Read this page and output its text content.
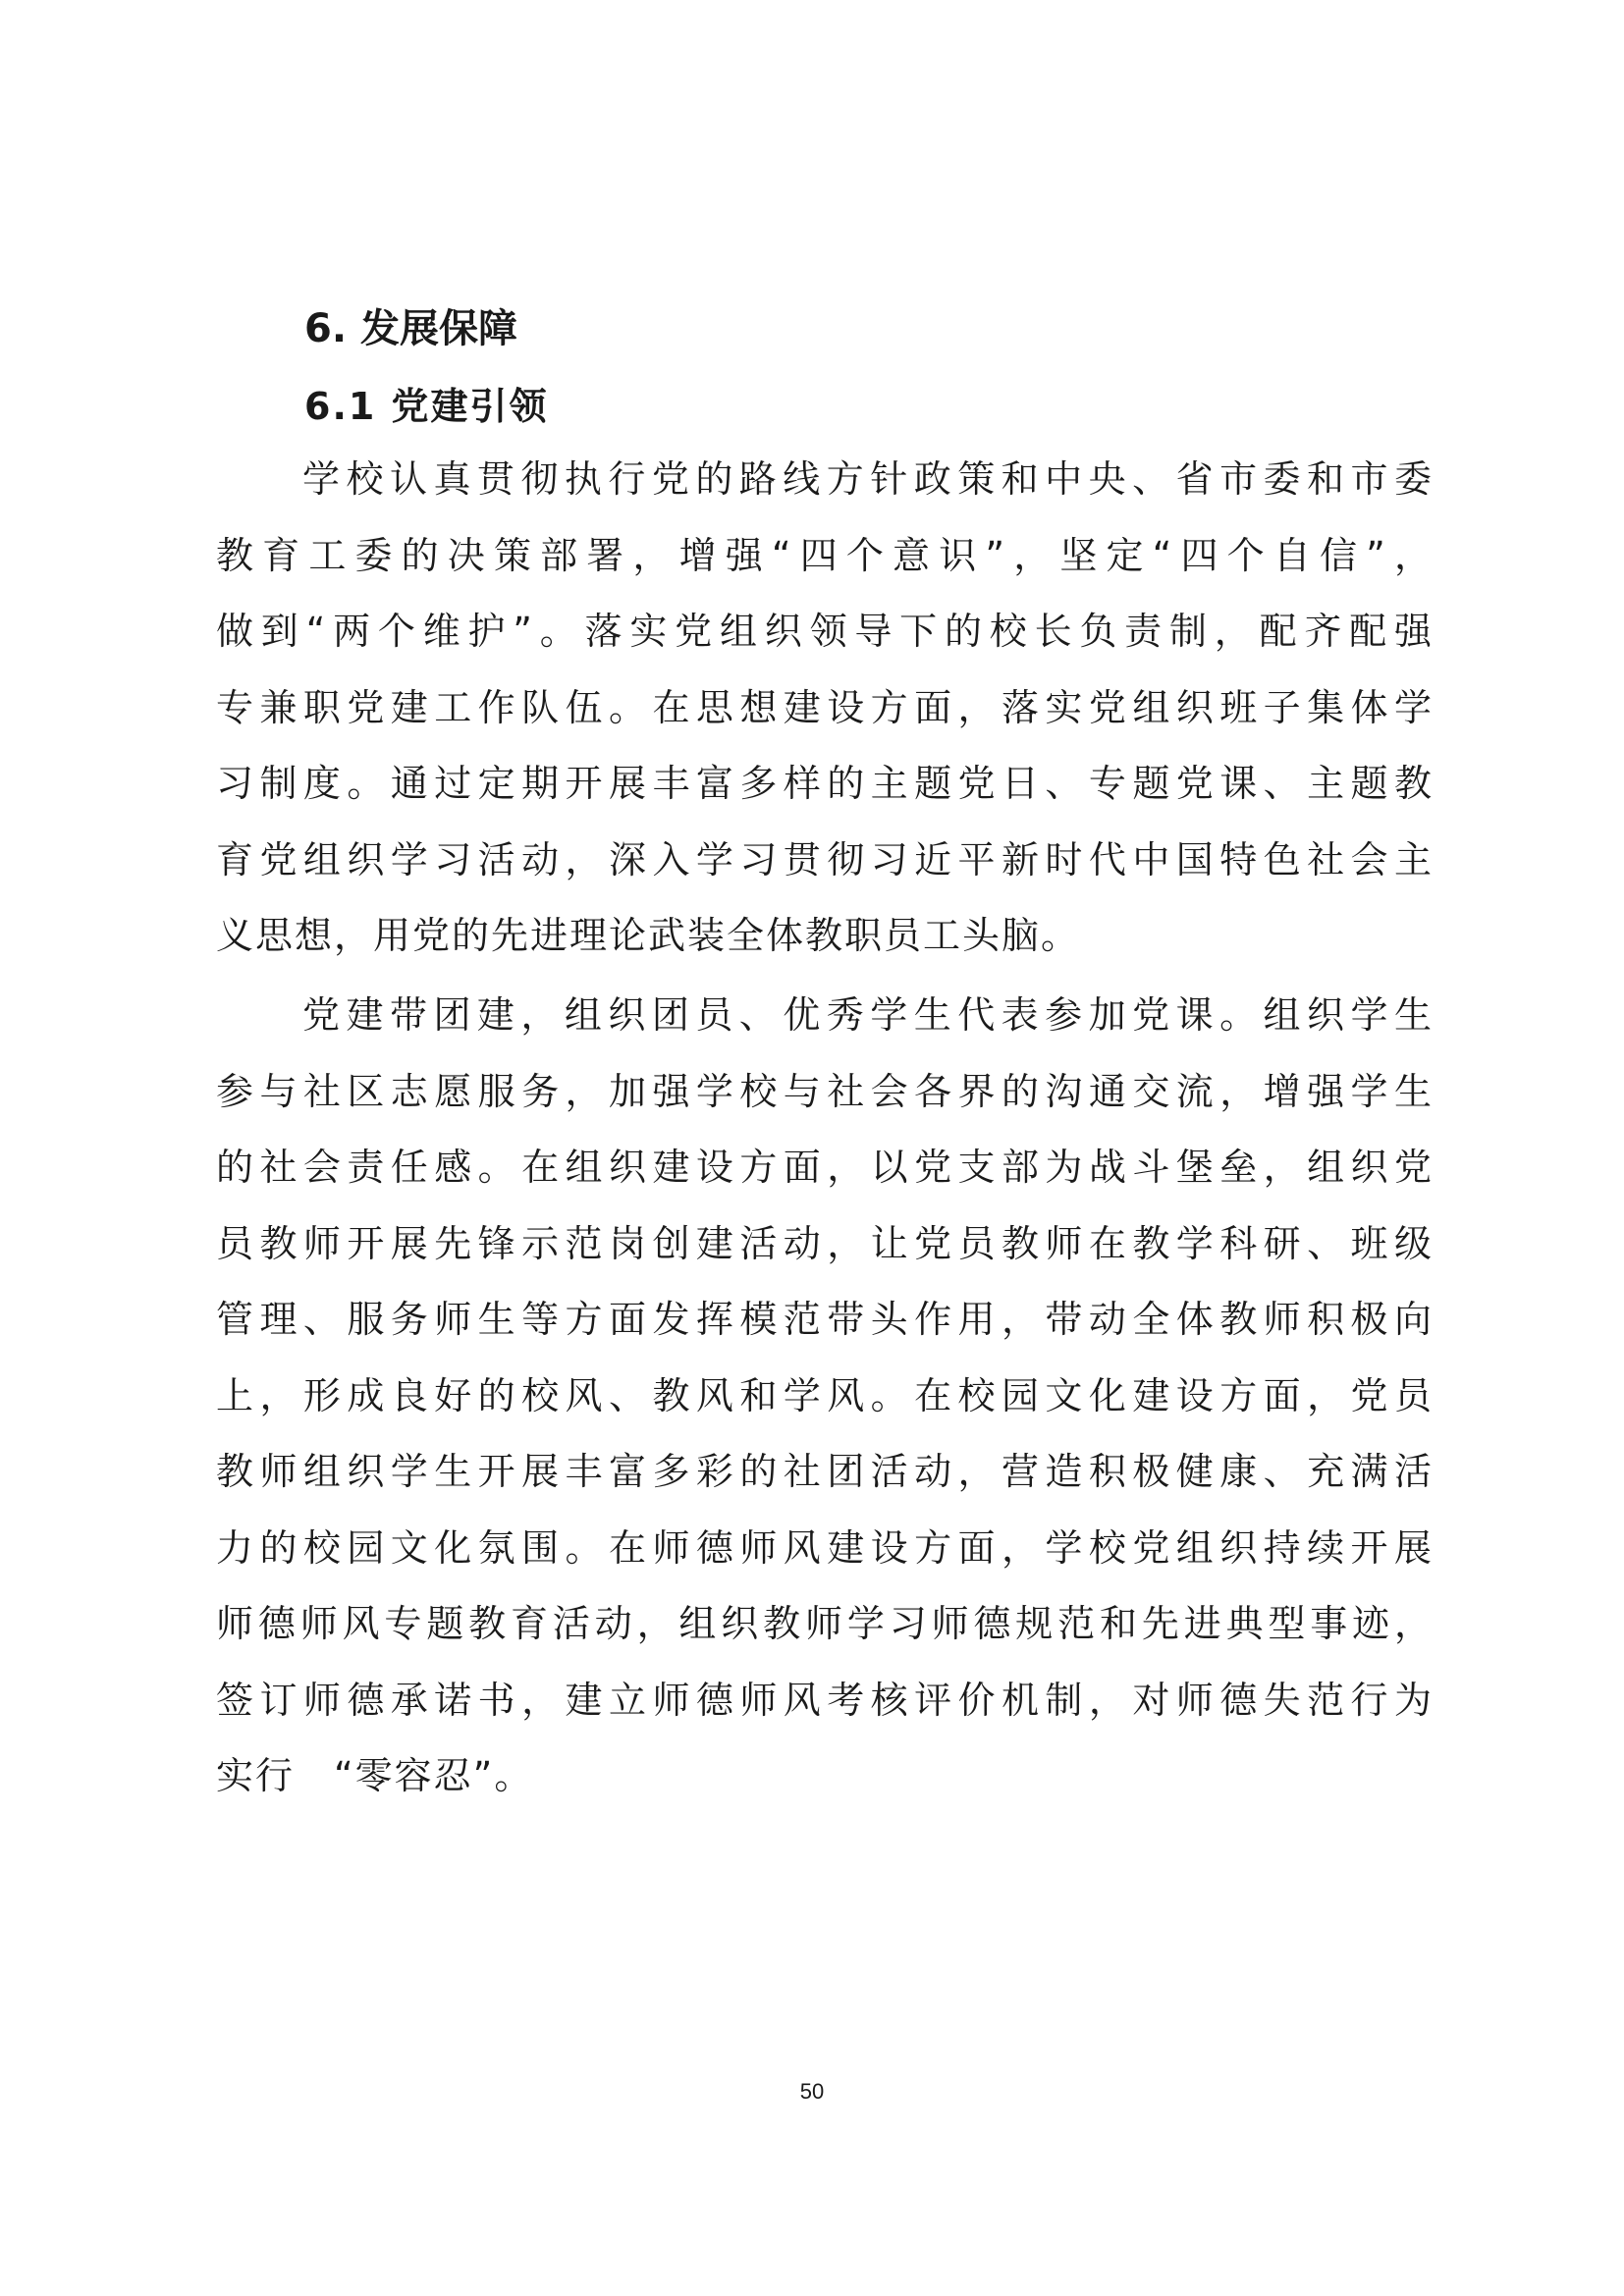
6. 发展保障
6.1 党建引领
学校认真贯彻执行党的路线方针政策和中央、省市委和市委
教育工委的决策部署，增强“四个意识”，坚定“四个自信”，
做到“两个维护”。落实党组织领导下的校长负责制，配齐配强
专兼职党建工作队伍。在思想建设方面，落实党组织班子集体学
习制度。通过定期开展丰富多样的主题党日、专题党课、主题教
育党组织学习活动，深入学习贯彻习近平新时代中国特色社会主
义思想，用党的先进理论武装全体教职员工头脑。
党建带团建，组织团员、优秀学生代表参加党课。组织学生
参与社区志愿服务，加强学校与社会各界的沟通交流，增强学生
的社会责任感。在组织建设方面，以党支部为战斗堡垒，组织党
员教师开展先锋示范岗创建活动，让党员教师在教学科研、班级
管理、服务师生等方面发挥模范带头作用，带动全体教师积极向
上，形成良好的校风、教风和学风。在校园文化建设方面，党员
教师组织学生开展丰富多彩的社团活动，营造积极健康、充满活
力的校园文化氛围。在师德师风建设方面，学校党组织持续开展
师德师风专题教育活动，组织教师学习师德规范和先进典型事迹，
签订师德承诺书，建立师德师风考核评价机制，对师德失范行为
实行　“零容忍”。
50
